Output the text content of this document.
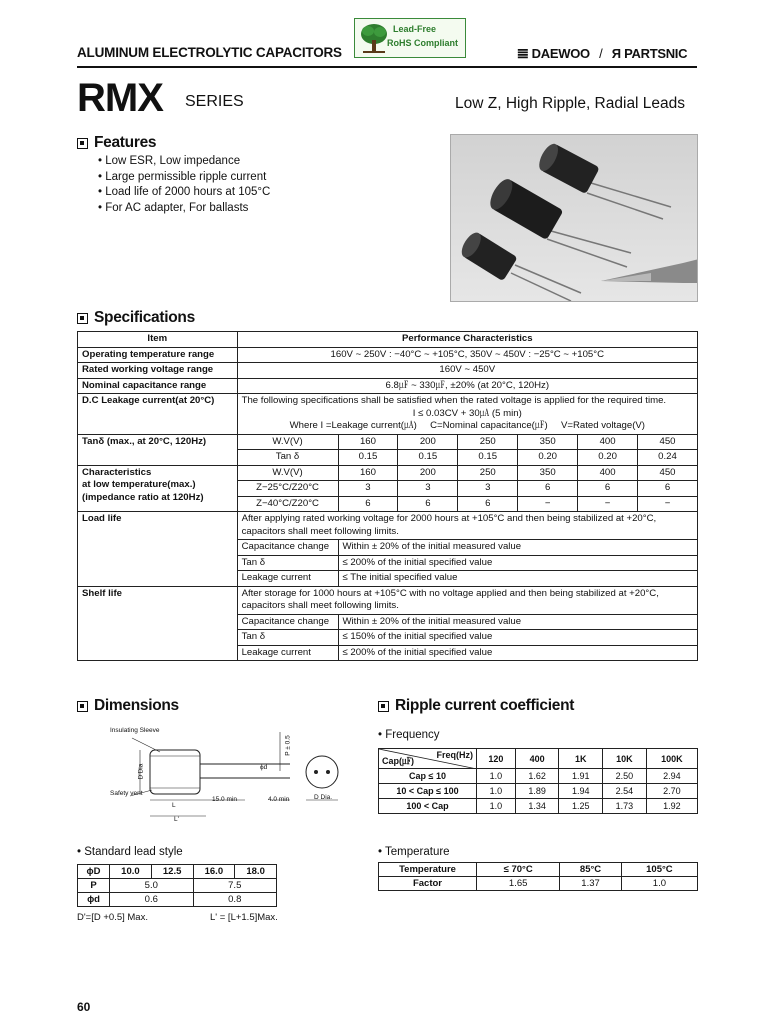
Lead-Free
RoHS Compliant
ALUMINUM ELECTROLYTIC CAPACITORS	𝌆 DAEWOO / Я PARTSNIC
RMX SERIES	Low Z, High Ripple, Radial Leads
Features
• Low ESR, Low impedance
• Large permissible ripple current
• Load life of 2000 hours at 105°C
• For AC adapter, For ballasts
Specifications
Item	Performance Characteristics						
Operating temperature range	160V ~ 250V : −40°C ~ +105°C, 350V ~ 450V : −25°C ~ +105°C						
Rated working voltage range	160V ~ 450V						
Nominal capacitance range	6.8㎌ ~ 330㎌, ±20% (at 20°C, 120Hz)						
D.C Leakage current(at 20°C)	The following specifications shall be satisfied when the rated voltage is applied for the required time.
I ≤ 0.03CV + 30㎂ (5 min)
Where I =Leakage current(㎂)     C=Nominal capacitance(㎌)     V=Rated voltage(V)						

Tanδ (max., at 20°C, 120Hz)	W.V(V)	160	200	250	350	400	450
	Tan δ	0.15	0.15	0.15	0.20	0.20	0.24

Characteristics
at low temperature(max.)
(impedance ratio at 120Hz)	W.V(V)	160	200	250	350	400	450
	Z−25°C/Z20°C	3	3	3	6	6	6
	Z−40°C/Z20°C	6	6	6	−	−	−
Load life	After applying rated working voltage for 2000 hours at +105°C and then being stabilized at +20°C, capacitors shall meet following limits.						
	Capacitance change	Within ± 20% of the initial measured value					
	Tan δ	≤ 200% of the initial specified value					
	Leakage current	≤ The initial specified value					
Shelf life	After storage for 1000 hours at +105°C with no voltage applied and then being stabilized at +20°C, capacitors shall meet following limits.						
	Capacitance change	Within ± 20% of the initial measured value					
	Tan δ	≤ 150% of the initial specified value					
	Leakage current	≤ 200% of the initial specified value					
Dimensions
Insulating Sleeve
Safety vent
D'Dia
L
L'
15.0 min	4.0 min
P ± 0.5
ϕd
D Dia.
• Standard lead style
ϕD	10.0	12.5	16.0	18.0
P	5.0		7.5	
ϕd	0.6		0.8	
D'=[D +0.5] Max.	L' = [L+1.5]Max.
Ripple current coefficient
• Frequency
Freq(Hz)
Cap(㎌)	120	400	1K	10K	100K
Cap ≤ 10	1.0	1.62	1.91	2.50	2.94
10 < Cap ≤ 100	1.0	1.89	1.94	2.54	2.70
100 < Cap	1.0	1.34	1.25	1.73	1.92
• Temperature
Temperature	≤ 70°C	85°C	105°C
Factor	1.65	1.37	1.0
60
